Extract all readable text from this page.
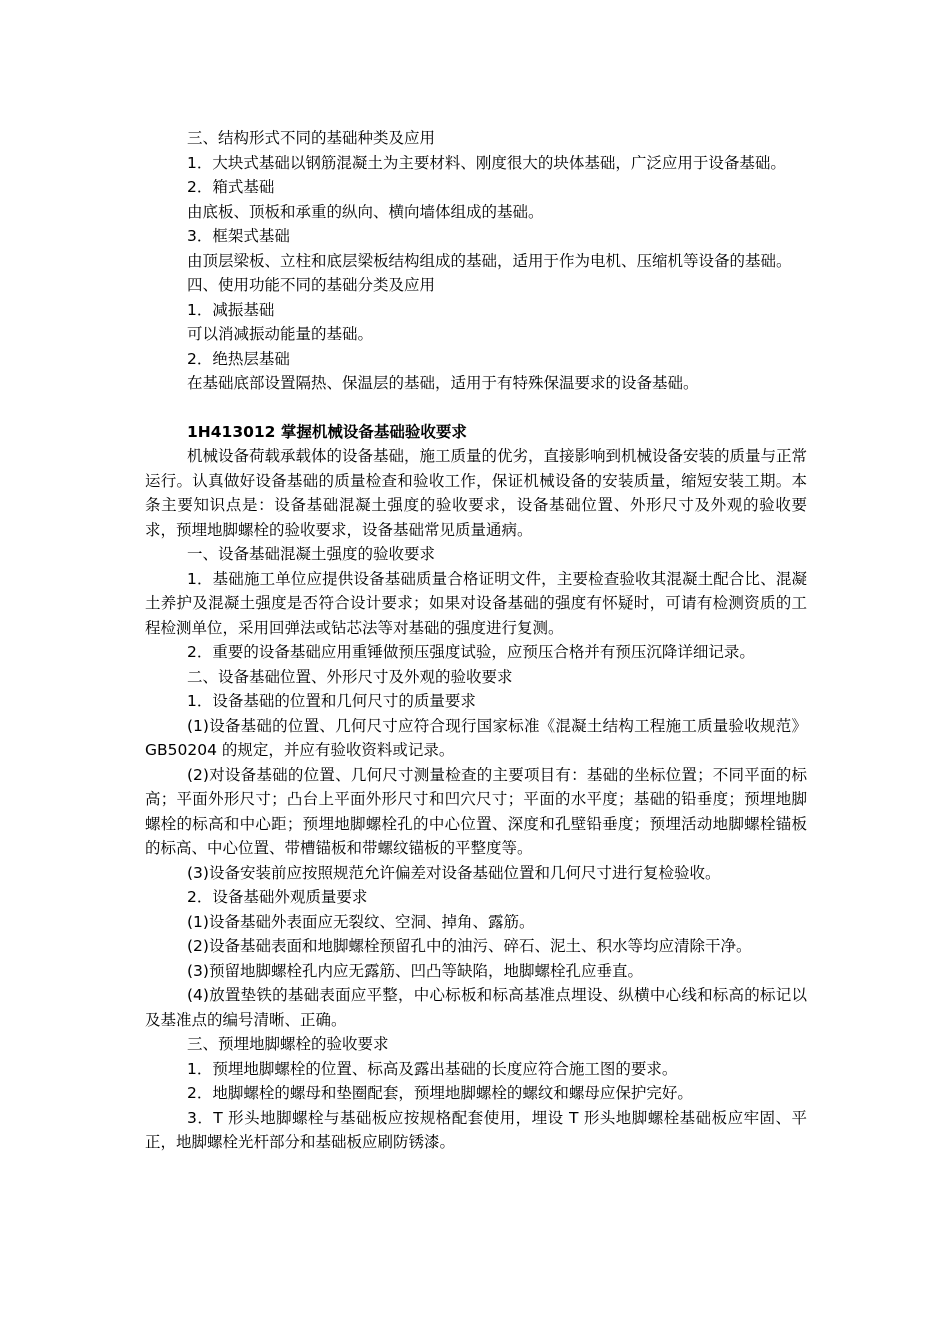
三、结构形式不同的基础种类及应用

1．大块式基础以钢筋混凝土为主要材料、刚度很大的块体基础，广泛应用于设备基础。

2．箱式基础

由底板、顶板和承重的纵向、横向墙体组成的基础。

3．框架式基础

由顶层梁板、立柱和底层梁板结构组成的基础，适用于作为电机、压缩机等设备的基础。

四、使用功能不同的基础分类及应用

1．减振基础

可以消减振动能量的基础。

2．绝热层基础

在基础底部设置隔热、保温层的基础，适用于有特殊保温要求的设备基础。

1H413012 掌握机械设备基础验收要求

机械设备荷载承载体的设备基础，施工质量的优劣，直接影响到机械设备安装的质量与正常运行。认真做好设备基础的质量检查和验收工作，保证机械设备的安装质量，缩短安装工期。本条主要知识点是：设备基础混凝土强度的验收要求，设备基础位置、外形尺寸及外观的验收要求，预埋地脚螺栓的验收要求，设备基础常见质量通病。

一、设备基础混凝土强度的验收要求

1．基础施工单位应提供设备基础质量合格证明文件，主要检查验收其混凝土配合比、混凝土养护及混凝土强度是否符合设计要求；如果对设备基础的强度有怀疑时，可请有检测资质的工程检测单位，采用回弹法或钻芯法等对基础的强度进行复测。

2．重要的设备基础应用重锤做预压强度试验，应预压合格并有预压沉降详细记录。

二、设备基础位置、外形尺寸及外观的验收要求

1．设备基础的位置和几何尺寸的质量要求

(1)设备基础的位置、几何尺寸应符合现行国家标准《混凝土结构工程施工质量验收规范》GB50204 的规定，并应有验收资料或记录。

(2)对设备基础的位置、几何尺寸测量检查的主要项目有：基础的坐标位置；不同平面的标高；平面外形尺寸；凸台上平面外形尺寸和凹穴尺寸；平面的水平度；基础的铅垂度；预埋地脚螺栓的标高和中心距；预埋地脚螺栓孔的中心位置、深度和孔壁铅垂度；预埋活动地脚螺栓锚板的标高、中心位置、带槽锚板和带螺纹锚板的平整度等。

(3)设备安装前应按照规范允许偏差对设备基础位置和几何尺寸进行复检验收。

2．设备基础外观质量要求

(1)设备基础外表面应无裂纹、空洞、掉角、露筋。

(2)设备基础表面和地脚螺栓预留孔中的油污、碎石、泥土、积水等均应清除干净。

(3)预留地脚螺栓孔内应无露筋、凹凸等缺陷，地脚螺栓孔应垂直。

(4)放置垫铁的基础表面应平整，中心标板和标高基准点埋设、纵横中心线和标高的标记以及基准点的编号清晰、正确。

三、预埋地脚螺栓的验收要求

1．预埋地脚螺栓的位置、标高及露出基础的长度应符合施工图的要求。

2．地脚螺栓的螺母和垫圈配套，预埋地脚螺栓的螺纹和螺母应保护完好。

3．T 形头地脚螺栓与基础板应按规格配套使用，埋设 T 形头地脚螺栓基础板应牢固、平正，地脚螺栓光杆部分和基础板应刷防锈漆。
